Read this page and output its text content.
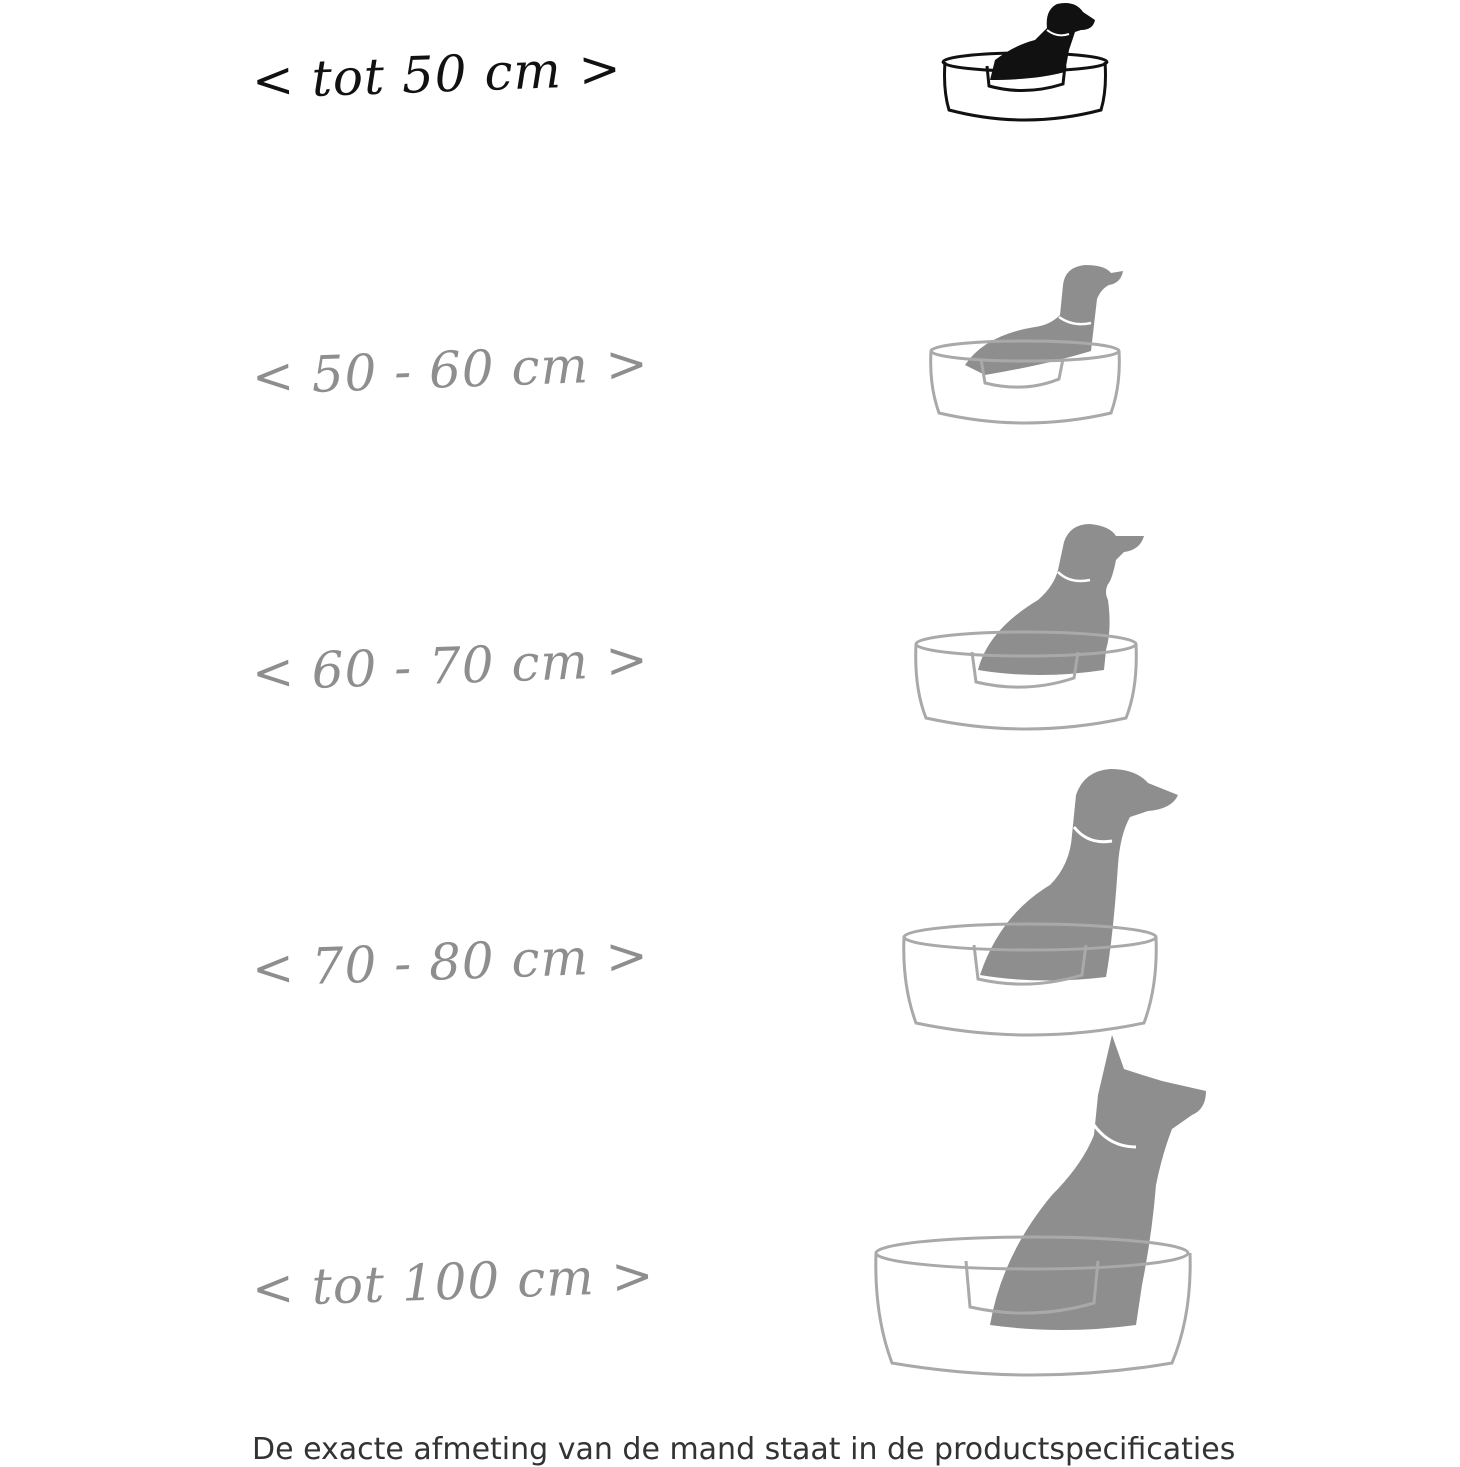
< tot 50 cm >
< 50 - 60 cm >
< 60 - 70 cm >
< 70 - 80 cm >
< tot 100 cm >
De exacte afmeting van de mand staat in de productspecificaties
